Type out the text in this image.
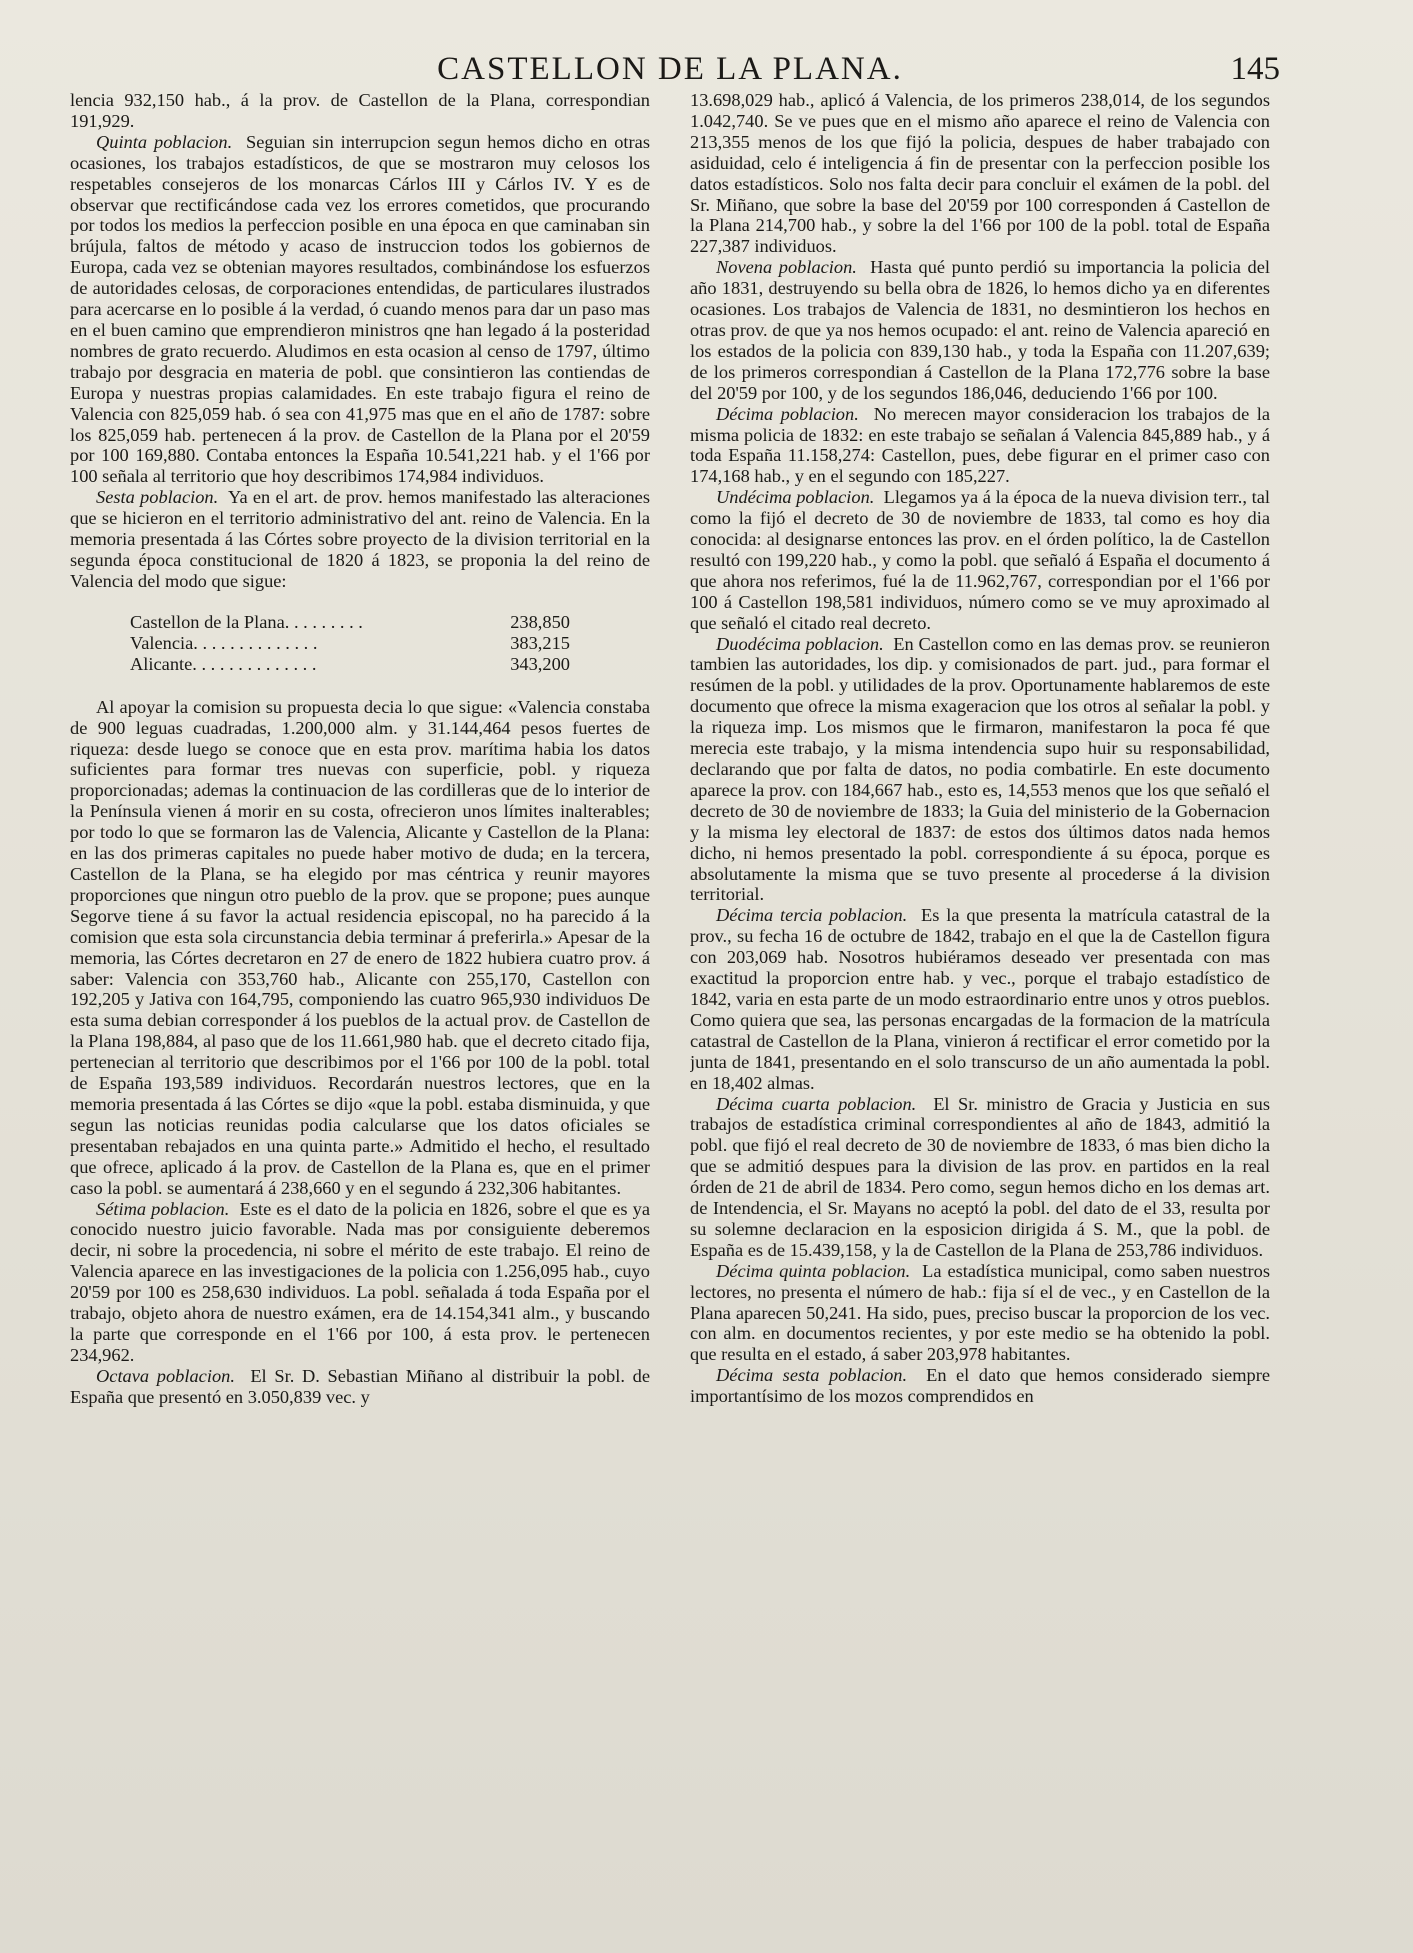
CASTELLON DE LA PLANA.	145

lencia 932,150 hab., á la prov. de Castellon de la Plana, correspondian 191,929.

Quinta poblacion. Seguian sin interrupcion segun hemos dicho en otras ocasiones, los trabajos estadísticos, de que se mostraron muy celosos los respetables consejeros de los monarcas Cárlos III y Cárlos IV. Y es de observar que rectificándose cada vez los errores cometidos, que procurando por todos los medios la perfeccion posible en una época en que caminaban sin brújula, faltos de método y acaso de instruccion todos los gobiernos de Europa, cada vez se obtenian mayores resultados, combinándose los esfuerzos de autoridades celosas, de corporaciones entendidas, de particulares ilustrados para acercarse en lo posible á la verdad, ó cuando menos para dar un paso mas en el buen camino que emprendieron ministros qne han legado á la posteridad nombres de grato recuerdo. Aludimos en esta ocasion al censo de 1797, último trabajo por desgracia en materia de pobl. que consintieron las contiendas de Europa y nuestras propias calamidades. En este trabajo figura el reino de Valencia con 825,059 hab. ó sea con 41,975 mas que en el año de 1787: sobre los 825,059 hab. pertenecen á la prov. de Castellon de la Plana por el 20'59 por 100 169,880. Contaba entonces la España 10.541,221 hab. y el 1'66 por 100 señala al territorio que hoy describimos 174,984 individuos.

Sesta poblacion. Ya en el art. de prov. hemos manifestado las alteraciones que se hicieron en el territorio administrativo del ant. reino de Valencia. En la memoria presentada á las Córtes sobre proyecto de la division territorial en la segunda época constitucional de 1820 á 1823, se proponia la del reino de Valencia del modo que sigue:

Castellon de la Plana. . . . . . . . .	238,850
Valencia. . . . . . . . . . . . . .	383,215
Alicante. . . . . . . . . . . . . .	343,200

Al apoyar la comision su propuesta decia lo que sigue: «Valencia constaba de 900 leguas cuadradas, 1.200,000 alm. y 31.144,464 pesos fuertes de riqueza: desde luego se conoce que en esta prov. marítima habia los datos suficientes para formar tres nuevas con superficie, pobl. y riqueza proporcionadas; ademas la continuacion de las cordilleras que de lo interior de la Península vienen á morir en su costa, ofrecieron unos límites inalterables; por todo lo que se formaron las de Valencia, Alicante y Castellon de la Plana: en las dos primeras capitales no puede haber motivo de duda; en la tercera, Castellon de la Plana, se ha elegido por mas céntrica y reunir mayores proporciones que ningun otro pueblo de la prov. que se propone; pues aunque Segorve tiene á su favor la actual residencia episcopal, no ha parecido á la comision que esta sola circunstancia debia terminar á preferirla.» Apesar de la memoria, las Córtes decretaron en 27 de enero de 1822 hubiera cuatro prov. á saber: Valencia con 353,760 hab., Alicante con 255,170, Castellon con 192,205 y Jativa con 164,795, componiendo las cuatro 965,930 individuos De esta suma debian corresponder á los pueblos de la actual prov. de Castellon de la Plana 198,884, al paso que de los 11.661,980 hab. que el decreto citado fija, pertenecian al territorio que describimos por el 1'66 por 100 de la pobl. total de España 193,589 individuos. Recordarán nuestros lectores, que en la memoria presentada á las Córtes se dijo «que la pobl. estaba disminuida, y que segun las noticias reunidas podia calcularse que los datos oficiales se presentaban rebajados en una quinta parte.» Admitido el hecho, el resultado que ofrece, aplicado á la prov. de Castellon de la Plana es, que en el primer caso la pobl. se aumentará á 238,660 y en el segundo á 232,306 habitantes.

Sétima poblacion. Este es el dato de la policia en 1826, sobre el que es ya conocido nuestro juicio favorable. Nada mas por consiguiente deberemos decir, ni sobre la procedencia, ni sobre el mérito de este trabajo. El reino de Valencia aparece en las investigaciones de la policia con 1.256,095 hab., cuyo 20'59 por 100 es 258,630 individuos. La pobl. señalada á toda España por el trabajo, objeto ahora de nuestro exámen, era de 14.154,341 alm., y buscando la parte que corresponde en el 1'66 por 100, á esta prov. le pertenecen 234,962.

Octava poblacion. El Sr. D. Sebastian Miñano al distribuir la pobl. de España que presentó en 3.050,839 vec. y

13.698,029 hab., aplicó á Valencia, de los primeros 238,014, de los segundos 1.042,740. Se ve pues que en el mismo año aparece el reino de Valencia con 213,355 menos de los que fijó la policia, despues de haber trabajado con asiduidad, celo é inteligencia á fin de presentar con la perfeccion posible los datos estadísticos. Solo nos falta decir para concluir el exámen de la pobl. del Sr. Miñano, que sobre la base del 20'59 por 100 corresponden á Castellon de la Plana 214,700 hab., y sobre la del 1'66 por 100 de la pobl. total de España 227,387 individuos.

Novena poblacion. Hasta qué punto perdió su importancia la policia del año 1831, destruyendo su bella obra de 1826, lo hemos dicho ya en diferentes ocasiones. Los trabajos de Valencia de 1831, no desmintieron los hechos en otras prov. de que ya nos hemos ocupado: el ant. reino de Valencia apareció en los estados de la policia con 839,130 hab., y toda la España con 11.207,639; de los primeros correspondian á Castellon de la Plana 172,776 sobre la base del 20'59 por 100, y de los segundos 186,046, deduciendo 1'66 por 100.

Décima poblacion. No merecen mayor consideracion los trabajos de la misma policia de 1832: en este trabajo se señalan á Valencia 845,889 hab., y á toda España 11.158,274: Castellon, pues, debe figurar en el primer caso con 174,168 hab., y en el segundo con 185,227.

Undécima poblacion. Llegamos ya á la época de la nueva division terr., tal como la fijó el decreto de 30 de noviembre de 1833, tal como es hoy dia conocida: al designarse entonces las prov. en el órden político, la de Castellon resultó con 199,220 hab., y como la pobl. que señaló á España el documento á que ahora nos referimos, fué la de 11.962,767, correspondian por el 1'66 por 100 á Castellon 198,581 individuos, número como se ve muy aproximado al que señaló el citado real decreto.

Duodécima poblacion. En Castellon como en las demas prov. se reunieron tambien las autoridades, los dip. y comisionados de part. jud., para formar el resúmen de la pobl. y utilidades de la prov. Oportunamente hablaremos de este documento que ofrece la misma exageracion que los otros al señalar la pobl. y la riqueza imp. Los mismos que le firmaron, manifestaron la poca fé que merecia este trabajo, y la misma intendencia supo huir su responsabilidad, declarando que por falta de datos, no podia combatirle. En este documento aparece la prov. con 184,667 hab., esto es, 14,553 menos que los que señaló el decreto de 30 de noviembre de 1833; la Guia del ministerio de la Gobernacion y la misma ley electoral de 1837: de estos dos últimos datos nada hemos dicho, ni hemos presentado la pobl. correspondiente á su época, porque es absolutamente la misma que se tuvo presente al procederse á la division territorial.

Décima tercia poblacion. Es la que presenta la matrícula catastral de la prov., su fecha 16 de octubre de 1842, trabajo en el que la de Castellon figura con 203,069 hab. Nosotros hubiéramos deseado ver presentada con mas exactitud la proporcion entre hab. y vec., porque el trabajo estadístico de 1842, varia en esta parte de un modo estraordinario entre unos y otros pueblos. Como quiera que sea, las personas encargadas de la formacion de la matrícula catastral de Castellon de la Plana, vinieron á rectificar el error cometido por la junta de 1841, presentando en el solo transcurso de un año aumentada la pobl. en 18,402 almas.

Décima cuarta poblacion. El Sr. ministro de Gracia y Justicia en sus trabajos de estadística criminal correspondientes al año de 1843, admitió la pobl. que fijó el real decreto de 30 de noviembre de 1833, ó mas bien dicho la que se admitió despues para la division de las prov. en partidos en la real órden de 21 de abril de 1834. Pero como, segun hemos dicho en los demas art. de Intendencia, el Sr. Mayans no aceptó la pobl. del dato de el 33, resulta por su solemne declaracion en la esposicion dirigida á S. M., que la pobl. de España es de 15.439,158, y la de Castellon de la Plana de 253,786 individuos.

Décima quinta poblacion. La estadística municipal, como saben nuestros lectores, no presenta el número de hab.: fija sí el de vec., y en Castellon de la Plana aparecen 50,241. Ha sido, pues, preciso buscar la proporcion de los vec. con alm. en documentos recientes, y por este medio se ha obtenido la pobl. que resulta en el estado, á saber 203,978 habitantes.

Décima sesta poblacion. En el dato que hemos considerado siempre importantísimo de los mozos comprendidos en
